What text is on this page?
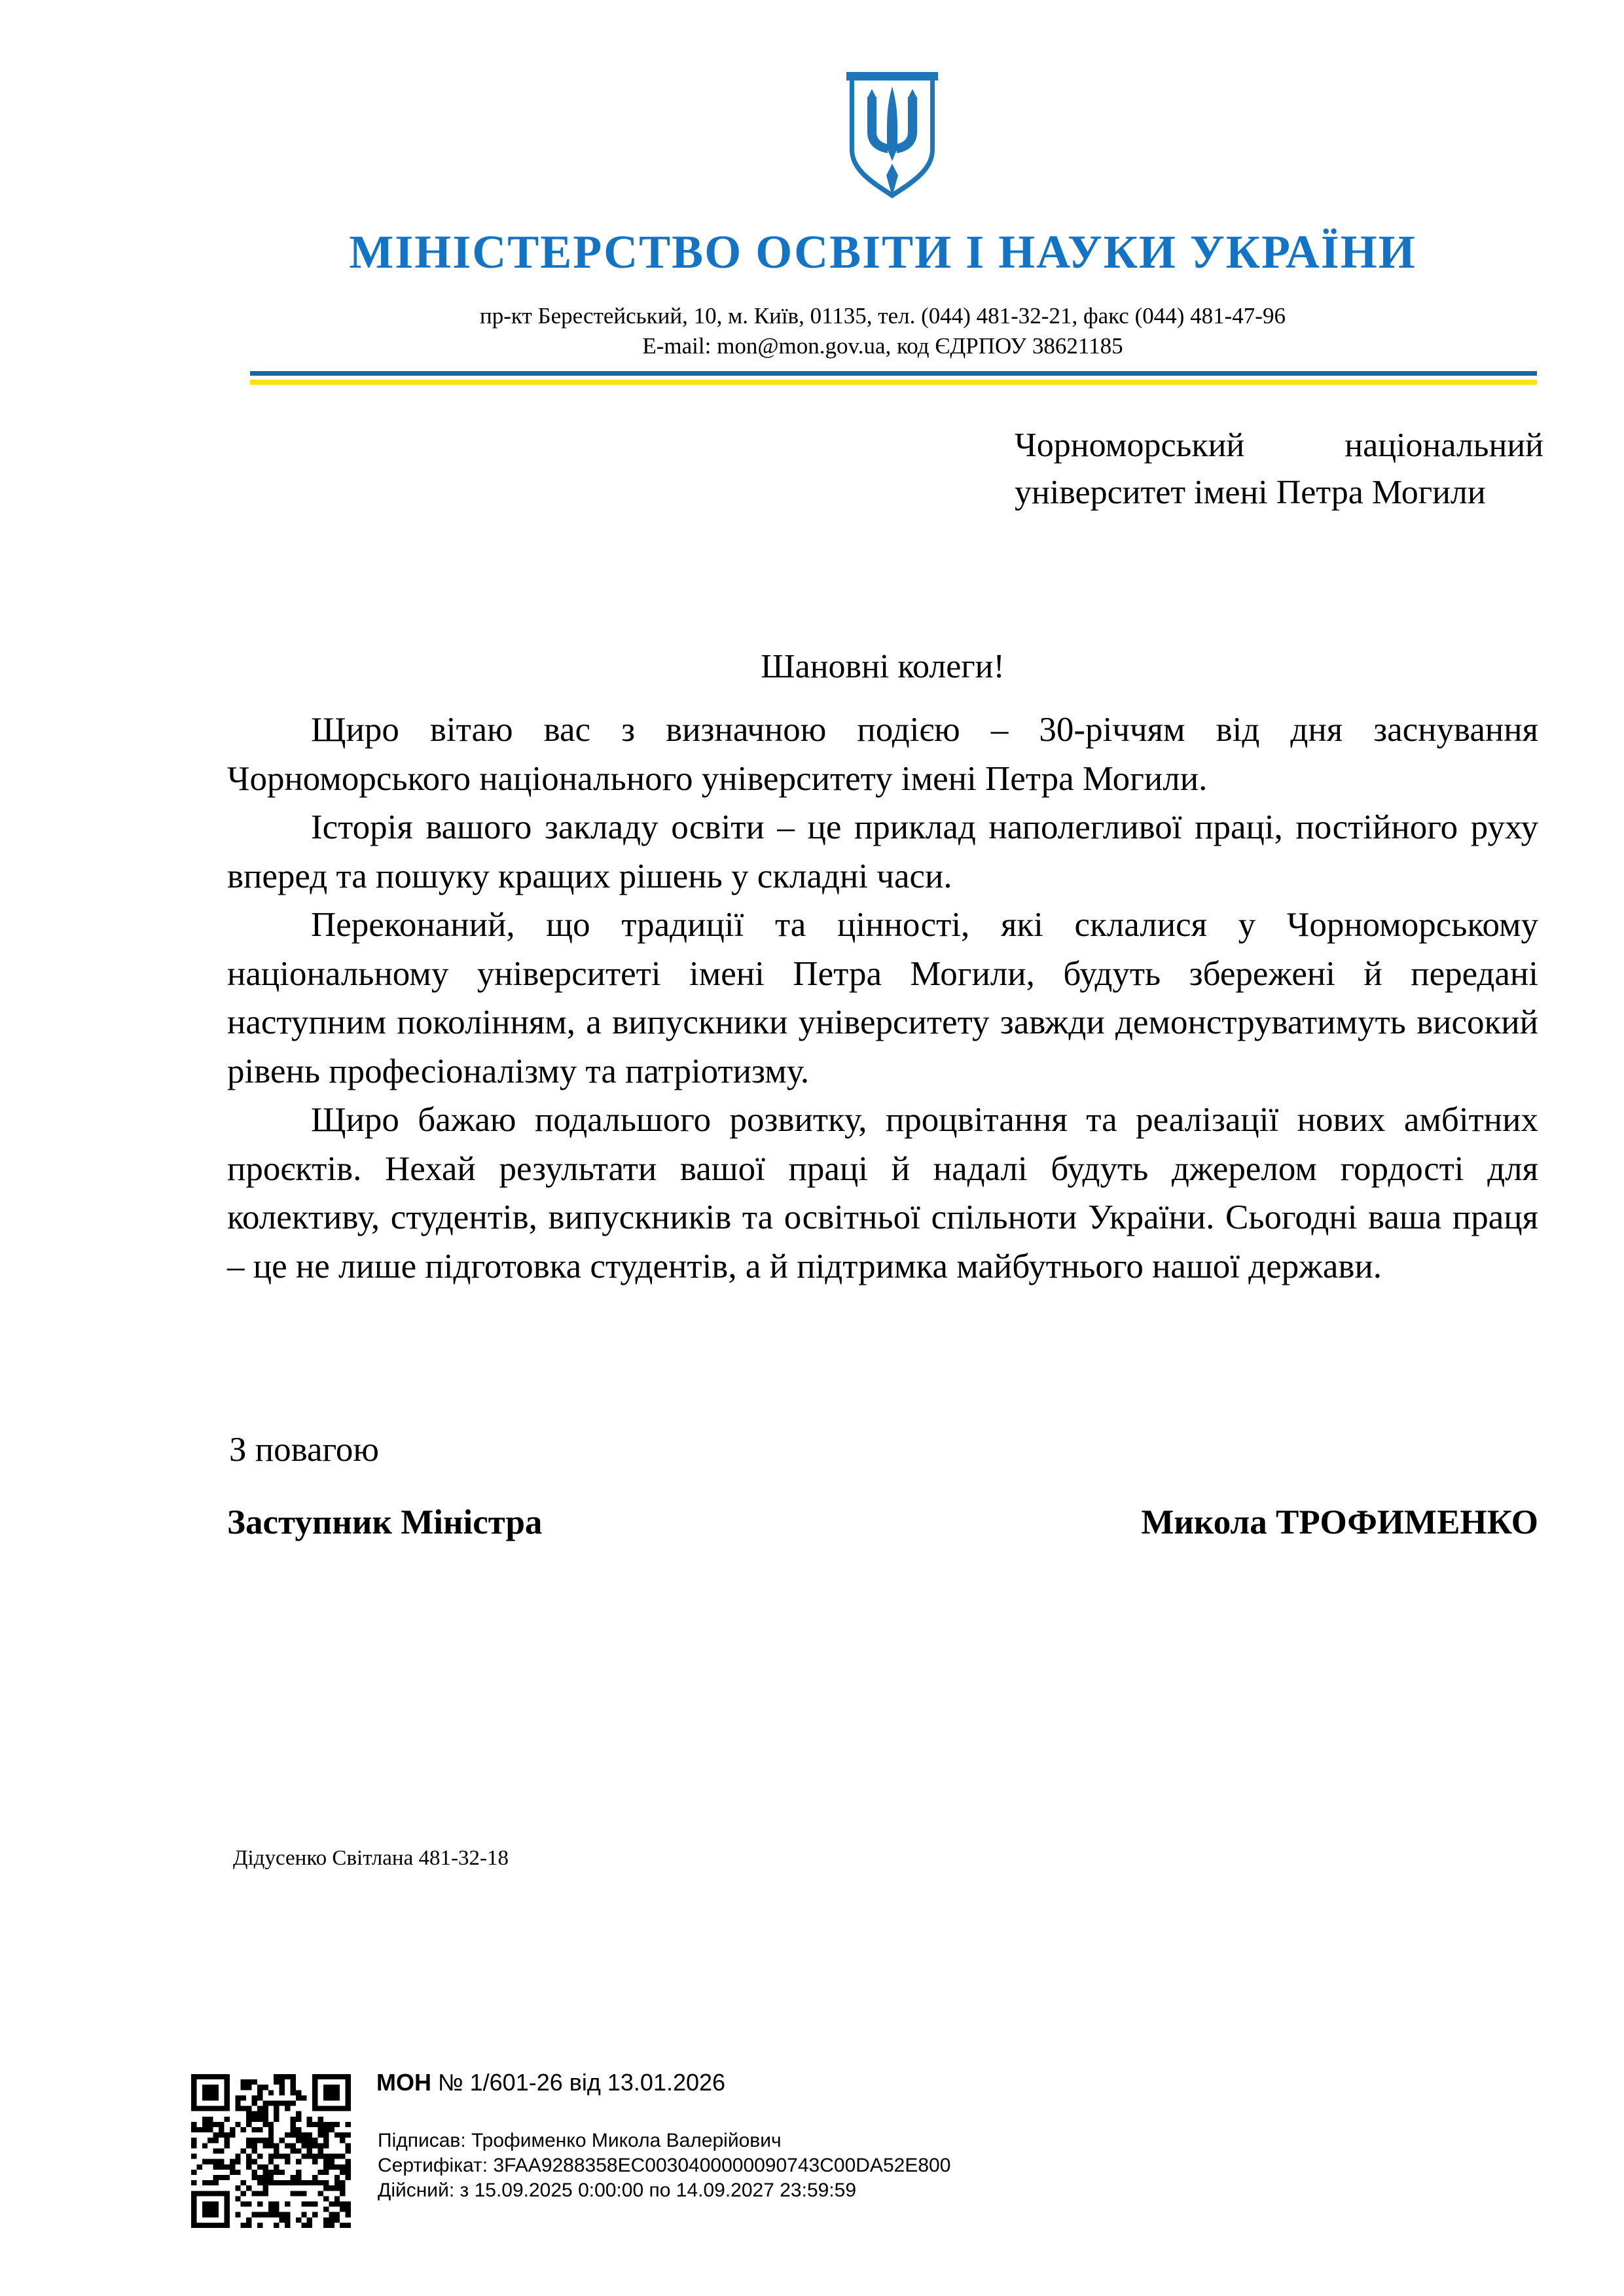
МІНІСТЕРСТВО ОСВІТИ І НАУКИ УКРАЇНИ
пр-кт Берестейський, 10, м. Київ, 01135, тел. (044) 481-32-21, факс (044) 481-47-96
E-mail: mon@mon.gov.ua, код ЄДРПОУ 38621185
Чорноморський національний університет імені Петра Могили
Шановні колеги!

Щиро вітаю вас з визначною подією – 30-річчям від дня заснування Чорноморського національного університету імені Петра Могили.

Історія вашого закладу освіти – це приклад наполегливої праці, постійного руху вперед та пошуку кращих рішень у складні часи.

Переконаний, що традиції та цінності, які склалися у Чорноморському національному університеті імені Петра Могили, будуть збережені й передані наступним поколінням, а випускники університету завжди демонструватимуть високий рівень професіоналізму та патріотизму.

Щиро бажаю подальшого розвитку, процвітання та реалізації нових амбітних проєктів. Нехай результати вашої праці й надалі будуть джерелом гордості для колективу, студентів, випускників та освітньої спільноти України. Сьогодні ваша праця – це не лише підготовка студентів, а й підтримка майбутнього нашої держави.

З повагою
Заступник Міністра	Микола ТРОФИМЕНКО
Дідусенко Світлана 481-32-18
МОН № 1/601-26 від 13.01.2026
Підписав: Трофименко Микола Валерійович
Сертифікат: 3FAA9288358EC0030400000090743C00DA52E800
Дійсний: з 15.09.2025 0:00:00 по 14.09.2027 23:59:59
